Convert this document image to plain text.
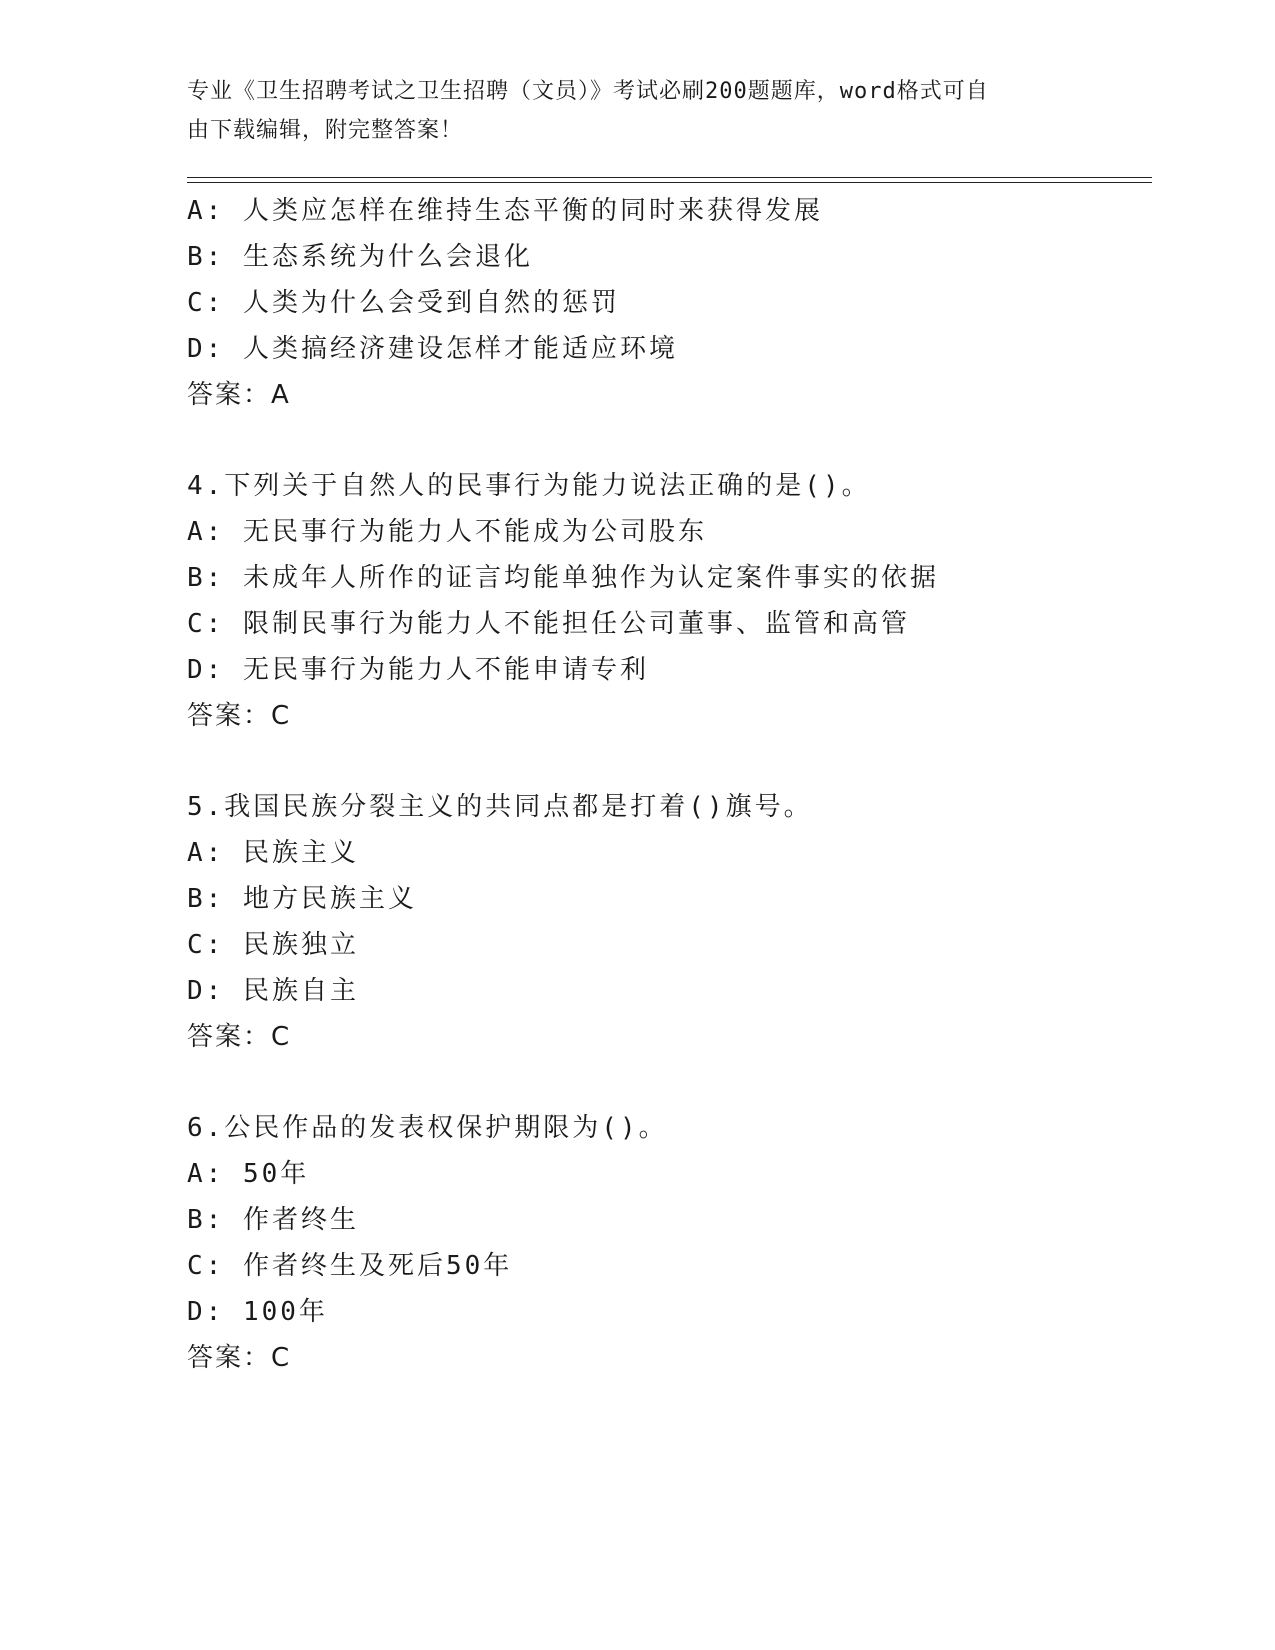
专业《卫生招聘考试之卫生招聘（文员）》考试必刷200题题库，word格式可自
由下载编辑，附完整答案！
A: 人类应怎样在维持生态平衡的同时来获得发展
B: 生态系统为什么会退化
C: 人类为什么会受到自然的惩罚
D: 人类搞经济建设怎样才能适应环境
答案：A
4.下列关于自然人的民事行为能力说法正确的是()。
A: 无民事行为能力人不能成为公司股东
B: 未成年人所作的证言均能单独作为认定案件事实的依据
C: 限制民事行为能力人不能担任公司董事、监管和高管
D: 无民事行为能力人不能申请专利
答案：C
5.我国民族分裂主义的共同点都是打着()旗号。
A: 民族主义
B: 地方民族主义
C: 民族独立
D: 民族自主
答案：C
6.公民作品的发表权保护期限为()。
A: 50年
B: 作者终生
C: 作者终生及死后50年
D: 100年
答案：C
